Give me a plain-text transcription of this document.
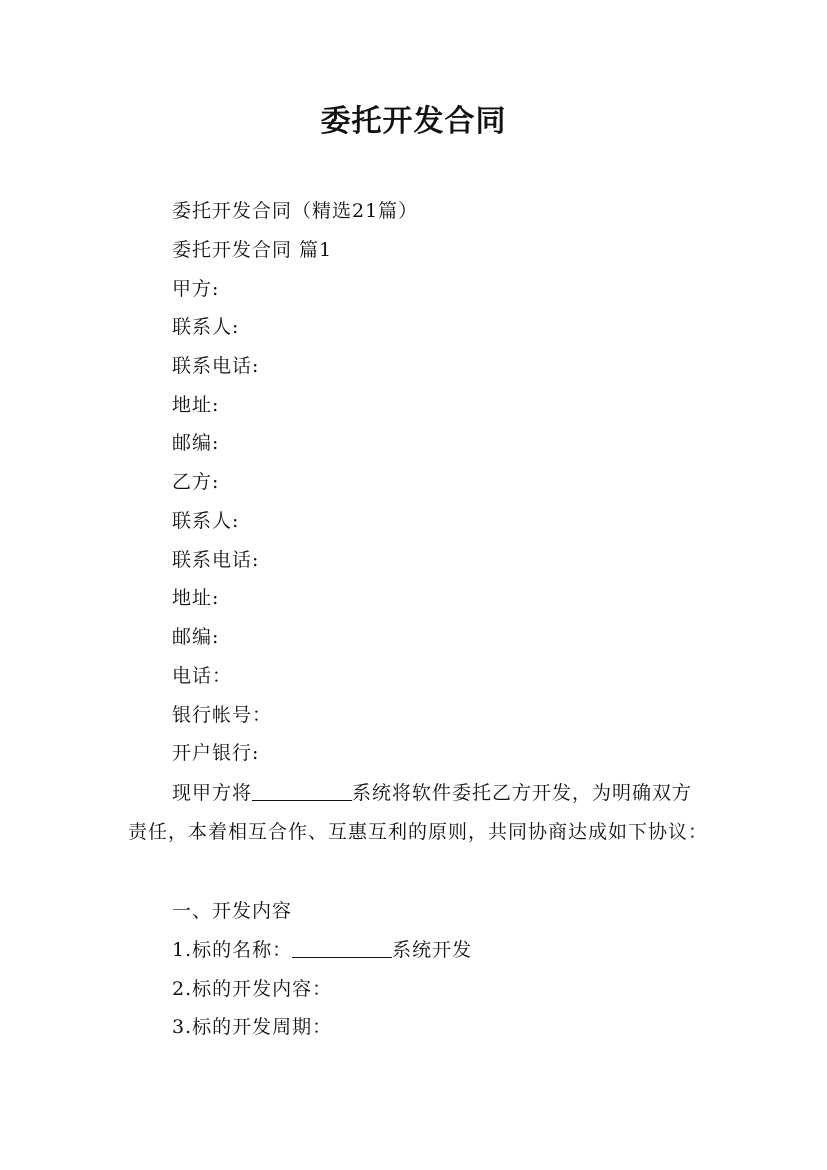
委托开发合同
委托开发合同（精选21篇）
委托开发合同 篇1
甲方:
联系人:
联系电话:
地址:
邮编:
乙方:
联系人:
联系电话:
地址:
邮编:
电话：
银行帐号：
开户银行:
现甲方将	系统将软件委托乙方开发，为明确双方责任，本着相互合作、互惠互利的原则，共同协商达成如下协议：
一、开发内容
1.标的名称：	系统开发
2.标的开发内容：
3.标的开发周期：
